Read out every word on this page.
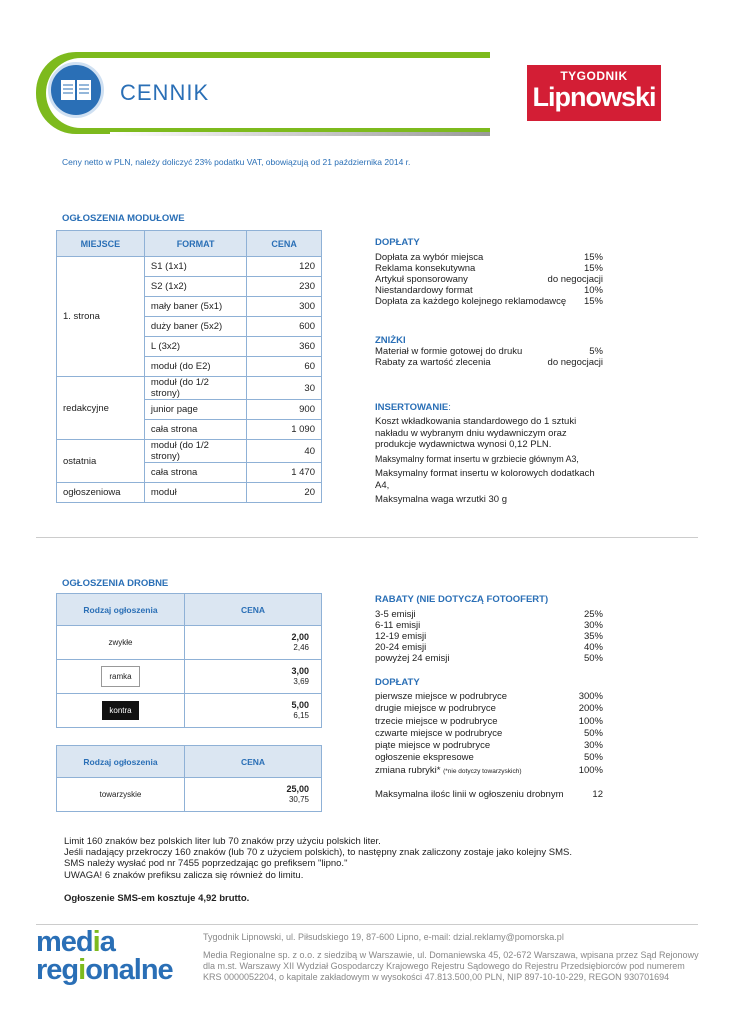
CENNIK
TYGODNIK
Lipnowski
Ceny netto w PLN, należy doliczyć 23% podatku VAT, obowiązują od 21 października 2014 r.
OGŁOSZENIA MODUŁOWE
MIEJSCE	FORMAT	CENA
1. strona	S1 (1x1)	120
	S2 (1x2)	230
	mały baner (5x1)	300
	duży baner (5x2)	600
	L (3x2)	360
	moduł (do E2)	60
redakcyjne	moduł (do 1/2 strony)	30
	junior page	900
	cała strona	1 090
ostatnia	moduł (do 1/2 strony)	40
	cała strona	1 470
ogłoszeniowa	moduł	20
DOPŁATY
Dopłata za wybór miejsca	15%
Reklama konsekutywna	15%
Artykuł sponsorowany	do negocjacji
Niestandardowy format	10%
Dopłata za każdego kolejnego reklamodawcę 15%
ZNIŻKI
Materiał w formie gotowej do druku	5%
Rabaty za wartość zlecenia	do negocjacji
INSERTOWANIE:
Koszt wkładkowania standardowego do 1 sztuki nakładu w wybranym dniu wydawniczym oraz produkcje wydawnictwa wynosi 0,12 PLN.
Maksymalny format insertu w grzbiecie głównym A3,
Maksymalny format insertu w kolorowych dodatkach A4,
Maksymalna waga wrzutki 30 g
OGŁOSZENIA DROBNE
Rodzaj ogłoszenia	CENA
zwykłe	2,00
2,46
ramka	3,00
3,69
kontra	5,00
6,15
Rodzaj ogłoszenia	CENA
towarzyskie	25,00
30,75
RABATY (NIE DOTYCZĄ FOTOOFERT)
3-5 emisji	25%
6-11 emisji	30%
12-19 emisji	35%
20-24 emisji	40%
powyżej 24 emisji	50%
DOPŁATY
pierwsze miejsce w podrubryce	300%
drugie miejsce w podrubryce	200%
trzecie miejsce w podrubryce	100%
czwarte miejsce w podrubryce	50%
piąte miejsce w podrubryce	30%
ogłoszenie ekspresowe	50%
zmiana rubryki* (*nie dotyczy towarzyskich)	100%
Maksymalna ilośc linii w ogłoszeniu drobnym	12
Limit 160 znaków bez polskich liter lub 70 znaków przy użyciu polskich liter.
Jeśli nadający przekroczy 160 znaków (lub 70 z użyciem polskich), to następny znak zaliczony zostaje jako kolejny SMS.
SMS należy wysłać pod nr 7455 poprzedzając go prefiksem "lipno."
UWAGA! 6 znaków prefiksu zalicza się również do limitu.
Ogłoszenie SMS-em kosztuje 4,92 brutto.
media
regionalne
Tygodnik Lipnowski, ul. Piłsudskiego 19, 87-600 Lipno, e-mail: dzial.reklamy@pomorska.pl
Media Regionalne sp. z o.o. z siedzibą w Warszawie, ul. Domaniewska 45, 02-672 Warszawa, wpisana przez Sąd Rejonowy dla m.st. Warszawy XII Wydział Gospodarczy Krajowego Rejestru Sądowego do Rejestru Przedsiębiorców pod numerem KRS 0000052204, o kapitale zakładowym w wysokości 47.813.500,00 PLN, NIP 897-10-10-229, REGON 930701694
